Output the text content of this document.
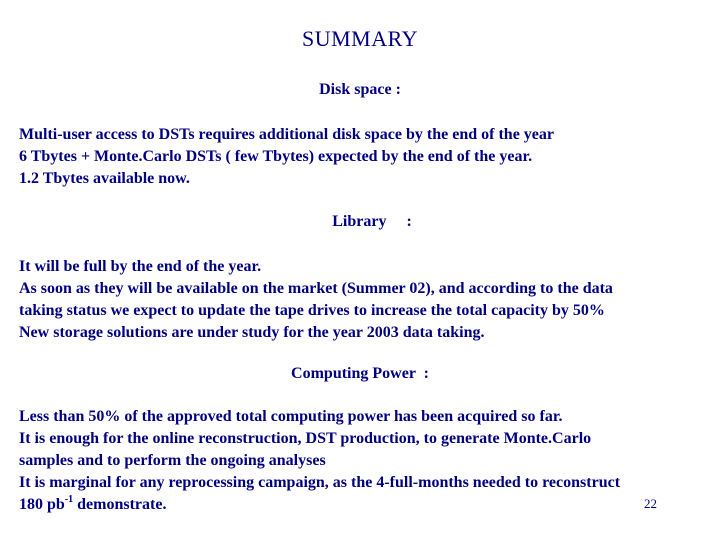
SUMMARY
Disk space :
Multi-user access to DSTs requires additional disk space by the end of the year
6 Tbytes + Monte.Carlo DSTs ( few Tbytes) expected by the end of the year.
1.2 Tbytes available now.
Library     :
It will be full by the end of the year.
As soon as they will be available on the market (Summer 02), and according to the data
taking status we expect to update the tape drives to increase the total capacity by 50%
New storage solutions are under study for the year 2003 data taking.
Computing Power  :
Less than 50% of the approved total computing power has been acquired so far.
It is enough for the online reconstruction, DST production, to generate Monte.Carlo
samples and to perform the ongoing analyses
It is marginal for any reprocessing campaign, as the 4-full-months needed to reconstruct
180 $pb^{-1}$ demonstrate.	22
